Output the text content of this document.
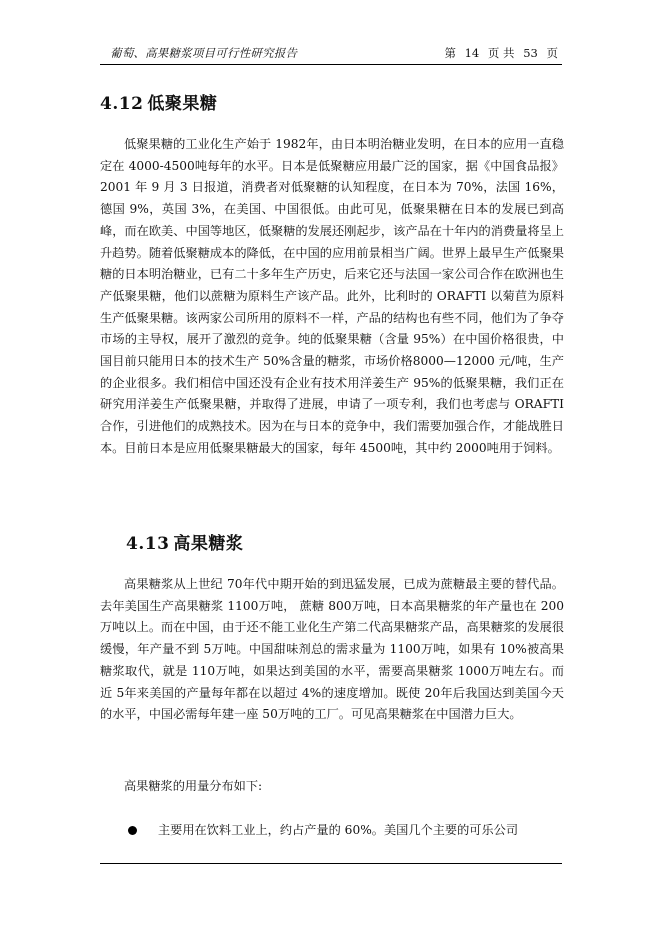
葡萄、高果糖浆项目可行性研究报告	第 14 页 共 53 页
4.12 低聚果糖

低聚果糖的工业化生产始于 1982年，由日本明治糖业发明，在日本的应用一直稳定在 4000-4500吨每年的水平。日本是低聚糖应用最广泛的国家，据《中国食品报》2001 年 9 月 3 日报道，消费者对低聚糖的认知程度，在日本为 70%，法国 16%，德国 9%，英国 3%，在美国、中国很低。由此可见，低聚果糖在日本的发展已到高峰，而在欧美、中国等地区，低聚糖的发展还刚起步，该产品在十年内的消费量将呈上升趋势。随着低聚糖成本的降低，在中国的应用前景相当广阔。世界上最早生产低聚果糖的日本明治糖业，已有二十多年生产历史，后来它还与法国一家公司合作在欧洲也生产低聚果糖，他们以蔗糖为原料生产该产品。此外，比利时的 ORAFTI 以菊苣为原料生产低聚果糖。该两家公司所用的原料不一样，产品的结构也有些不同，他们为了争夺市场的主导权，展开了激烈的竞争。纯的低聚果糖（含量 95%）在中国价格很贵，中国目前只能用日本的技术生产 50%含量的糖浆，市场价格8000—12000 元/吨，生产的企业很多。我们相信中国还没有企业有技术用洋姜生产 95%的低聚果糖，我们正在研究用洋姜生产低聚果糖，并取得了进展，申请了一项专利，我们也考虑与 ORAFTI 合作，引进他们的成熟技术。因为在与日本的竞争中，我们需要加强合作，才能战胜日本。目前日本是应用低聚果糖最大的国家，每年 4500吨，其中约 2000吨用于饲料。

4.13 高果糖浆

高果糖浆从上世纪 70年代中期开始的到迅猛发展，已成为蔗糖最主要的替代品。去年美国生产高果糖浆 1100万吨， 蔗糖 800万吨，日本高果糖浆的年产量也在 200万吨以上。而在中国，由于还不能工业化生产第二代高果糖浆产品，高果糖浆的发展很缓慢，年产量不到 5万吨。中国甜味剂总的需求量为 1100万吨，如果有 10%被高果糖浆取代，就是 110万吨，如果达到美国的水平，需要高果糖浆 1000万吨左右。而近 5年来美国的产量每年都在以超过 4%的速度增加。既使 20年后我国达到美国今天的水平，中国必需每年建一座 50万吨的工厂。可见高果糖浆在中国潜力巨大。

高果糖浆的用量分布如下:

主要用在饮料工业上，约占产量的 60%。美国几个主要的可乐公司
